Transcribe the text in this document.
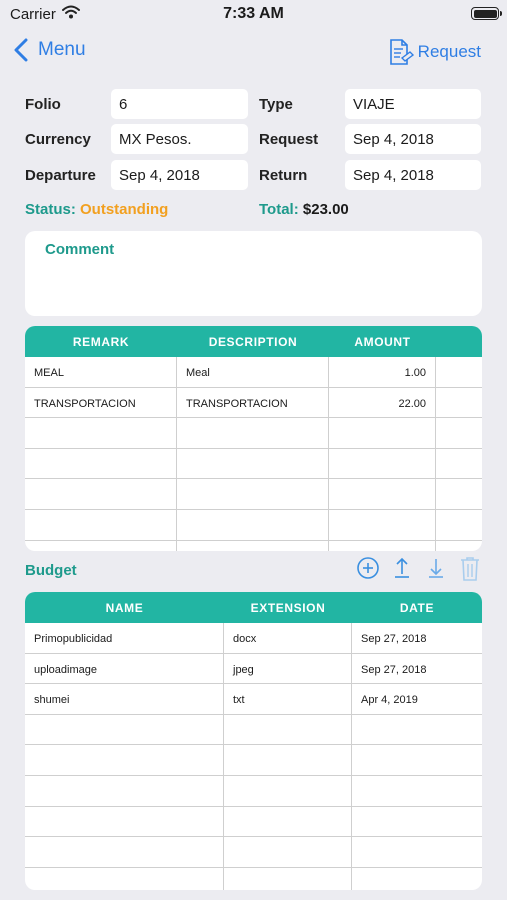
Carrier	7:33 AM
Menu	Request
Folio	6	Type	VIAJE
Currency	MX Pesos.	Request	Sep 4, 2018
Departure	Sep 4, 2018	Return	Sep 4, 2018
Status: Outstanding	Total: $23.00
Comment
REMARK	DESCRIPTION	AMOUNT
MEAL	Meal	1.00
TRANSPORTACION	TRANSPORTACION	22.00
Budget
NAME	EXTENSION	DATE
Primopublicidad	docx	Sep 27, 2018
uploadimage	jpeg	Sep 27, 2018
shumei	txt	Apr 4, 2019
